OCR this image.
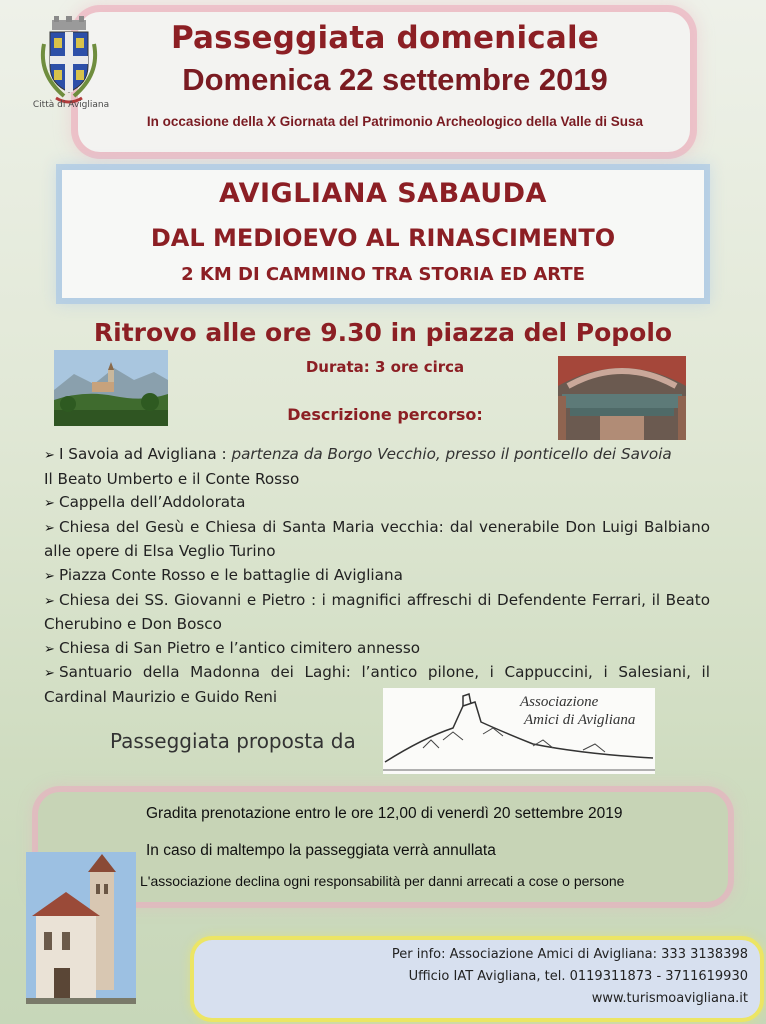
Città di Avigliana
Passeggiata domenicale
Domenica 22 settembre 2019
In occasione della X Giornata del Patrimonio Archeologico della Valle di Susa
AVIGLIANA SABAUDA
DAL MEDIOEVO AL RINASCIMENTO
2 KM DI CAMMINO TRA STORIA ED ARTE
Ritrovo alle ore 9.30 in piazza del Popolo
Durata: 3 ore circa
Descrizione percorso:
➢ I Savoia ad Avigliana : partenza da Borgo Vecchio, presso il ponticello dei Savoia
Il Beato Umberto e il Conte Rosso
➢ Cappella dell’Addolorata
➢ Chiesa del Gesù e Chiesa di Santa Maria vecchia: dal venerabile Don Luigi Balbiano alle opere di Elsa Veglio Turino
➢ Piazza Conte Rosso e le battaglie di Avigliana
➢ Chiesa dei SS. Giovanni e Pietro : i magnifici affreschi di Defendente Ferrari, il Beato Cherubino e Don Bosco
➢ Chiesa di San Pietro e l’antico cimitero annesso
➢ Santuario della Madonna dei Laghi: l’antico pilone, i Cappuccini, i Salesiani, il Cardinal Maurizio e Guido Reni
Passeggiata proposta da
Associazione
Amici di Avigliana
Gradita prenotazione entro le ore 12,00 di venerdì 20 settembre 2019
In caso di maltempo la passeggiata verrà annullata
L'associazione declina ogni responsabilità per danni arrecati a cose o persone
Per info: Associazione Amici di Avigliana: 333 3138398
Ufficio IAT Avigliana, tel. 0119311873 - 3711619930
www.turismoavigliana.it
